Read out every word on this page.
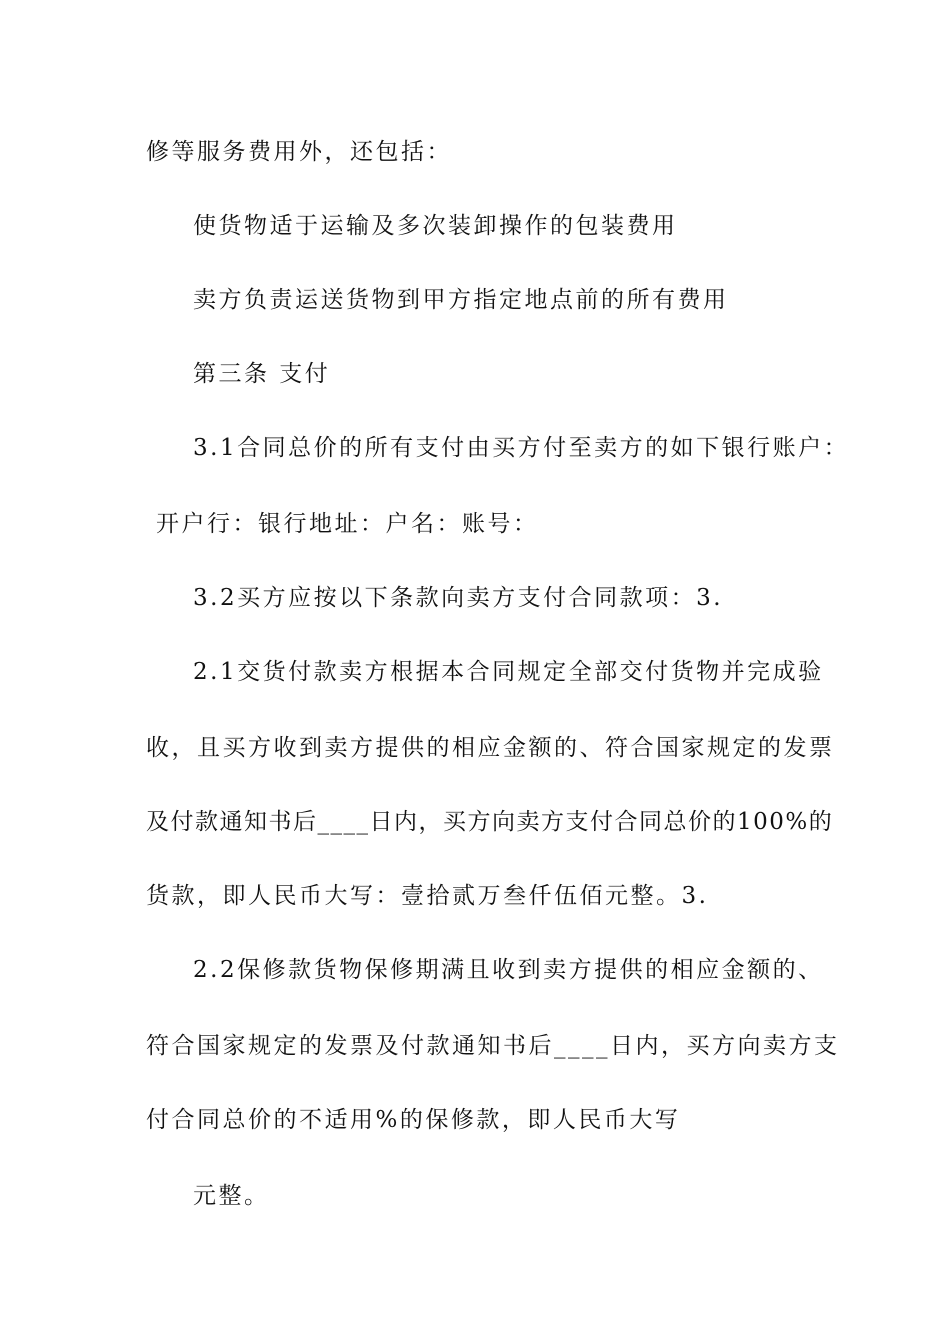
修等服务费用外，还包括：
使货物适于运输及多次装卸操作的包装费用
卖方负责运送货物到甲方指定地点前的所有费用
第三条 支付
3.1合同总价的所有支付由买方付至卖方的如下银行账户：
开户行：银行地址：户名：账号：
3.2买方应按以下条款向卖方支付合同款项：3.
2.1交货付款卖方根据本合同规定全部交付货物并完成验
收，且买方收到卖方提供的相应金额的、符合国家规定的发票
及付款通知书后____日内，买方向卖方支付合同总价的100%的
货款，即人民币大写：壹拾贰万叁仟伍佰元整。3.
2.2保修款货物保修期满且收到卖方提供的相应金额的、
符合国家规定的发票及付款通知书后____日内，买方向卖方支
付合同总价的不适用%的保修款，即人民币大写
元整。
